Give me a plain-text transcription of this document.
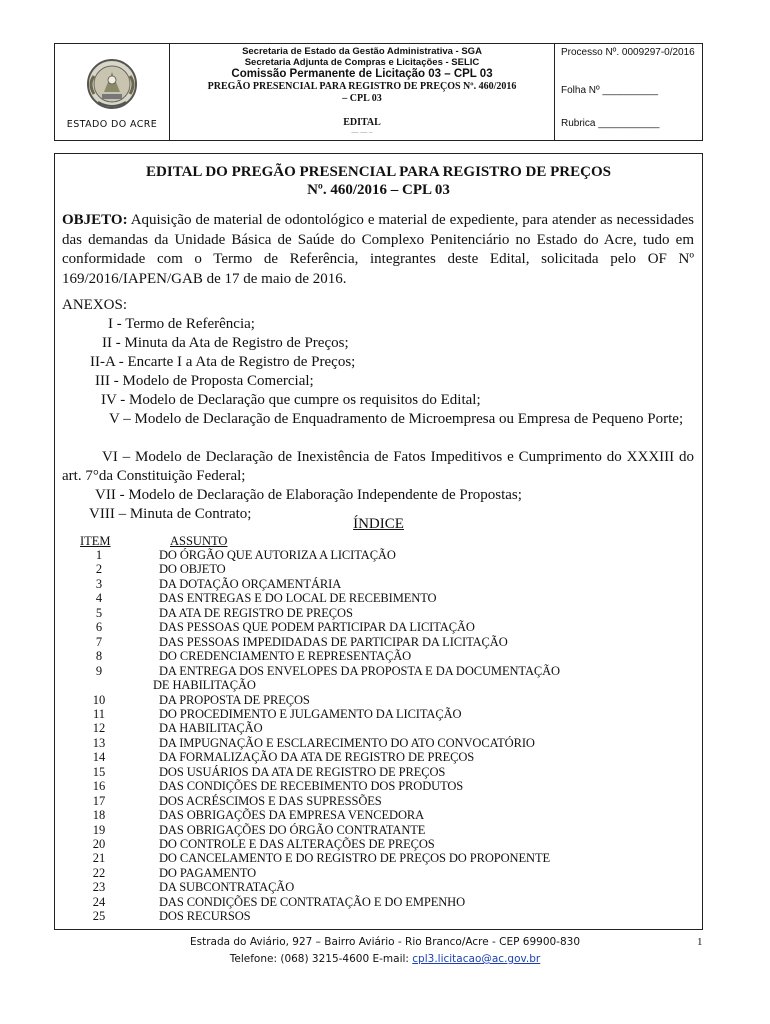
ESTADO DO ACRE
Secretaria de Estado da Gestão Administrativa - SGA
Secretaria Adjunta de Compras e Licitações - SELIC
Comissão Permanente de Licitação 03 – CPL 03
PREGÃO PRESENCIAL PARA REGISTRO DE PREÇOS Nº. 460/2016
– CPL 03
EDITAL
— — –
Processo Nº. 0009297-0/2016
Folha Nº __________
Rubrica ___________
EDITAL DO PREGÃO PRESENCIAL PARA REGISTRO DE PREÇOS
Nº. 460/2016 – CPL 03
OBJETO: Aquisição de material de odontológico e material de expediente, para atender as necessidades das demandas da Unidade Básica de Saúde do Complexo Penitenciário no Estado do Acre, tudo em conformidade com o Termo de Referência, integrantes deste Edital, solicitada pelo OF Nº 169/2016/IAPEN/GAB de 17 de maio de 2016.
ANEXOS:
I - Termo de Referência;
II - Minuta da Ata de Registro de Preços;
II-A - Encarte I a Ata de Registro de Preços;
III - Modelo de Proposta Comercial;
IV - Modelo de Declaração que cumpre os requisitos do Edital;
V – Modelo de Declaração de Enquadramento de Microempresa ou Empresa de Pequeno Porte;
VI – Modelo de Declaração de Inexistência de Fatos Impeditivos e Cumprimento do XXXIII do art. 7°da Constituição Federal;
VII - Modelo de Declaração de Elaboração Independente de Propostas;
VIII – Minuta de Contrato;
ÍNDICE
ITEM	ASSUNTO
1	DO ÓRGÃO QUE AUTORIZA A LICITAÇÃO
2	DO OBJETO
3	DA DOTAÇÃO ORÇAMENTÁRIA
4	DAS ENTREGAS E DO LOCAL DE RECEBIMENTO
5	DA ATA DE REGISTRO DE PREÇOS
6	DAS PESSOAS QUE PODEM PARTICIPAR DA LICITAÇÃO
7	DAS PESSOAS IMPEDIDADAS DE PARTICIPAR DA LICITAÇÃO
8	DO CREDENCIAMENTO E REPRESENTAÇÃO
9	DA ENTREGA DOS ENVELOPES DA PROPOSTA E DA DOCUMENTAÇÃO
DE HABILITAÇÃO
10	DA PROPOSTA DE PREÇOS
11	DO PROCEDIMENTO E JULGAMENTO DA LICITAÇÃO
12	DA HABILITAÇÃO
13	DA IMPUGNAÇÃO E ESCLARECIMENTO DO ATO CONVOCATÓRIO
14	DA FORMALIZAÇÃO DA ATA DE REGISTRO DE PREÇOS
15	DOS USUÁRIOS DA ATA DE REGISTRO DE PREÇOS
16	DAS CONDIÇÕES DE RECEBIMENTO DOS PRODUTOS
17	DOS ACRÉSCIMOS E DAS SUPRESSÕES
18	DAS OBRIGAÇÕES DA EMPRESA VENCEDORA
19	DAS OBRIGAÇÕES DO ÓRGÃO CONTRATANTE
20	DO CONTROLE E DAS ALTERAÇÕES DE PREÇOS
21	DO CANCELAMENTO E DO REGISTRO DE PREÇOS DO PROPONENTE
22	DO PAGAMENTO
23	DA SUBCONTRATAÇÃO
24	DAS CONDIÇÕES DE CONTRATAÇÃO E DO EMPENHO
25	DOS RECURSOS
Estrada do Aviário, 927 – Bairro Aviário - Rio Branco/Acre - CEP 69900-830
Telefone: (068) 3215-4600 E-mail: cpl3.licitacao@ac.gov.br
1
